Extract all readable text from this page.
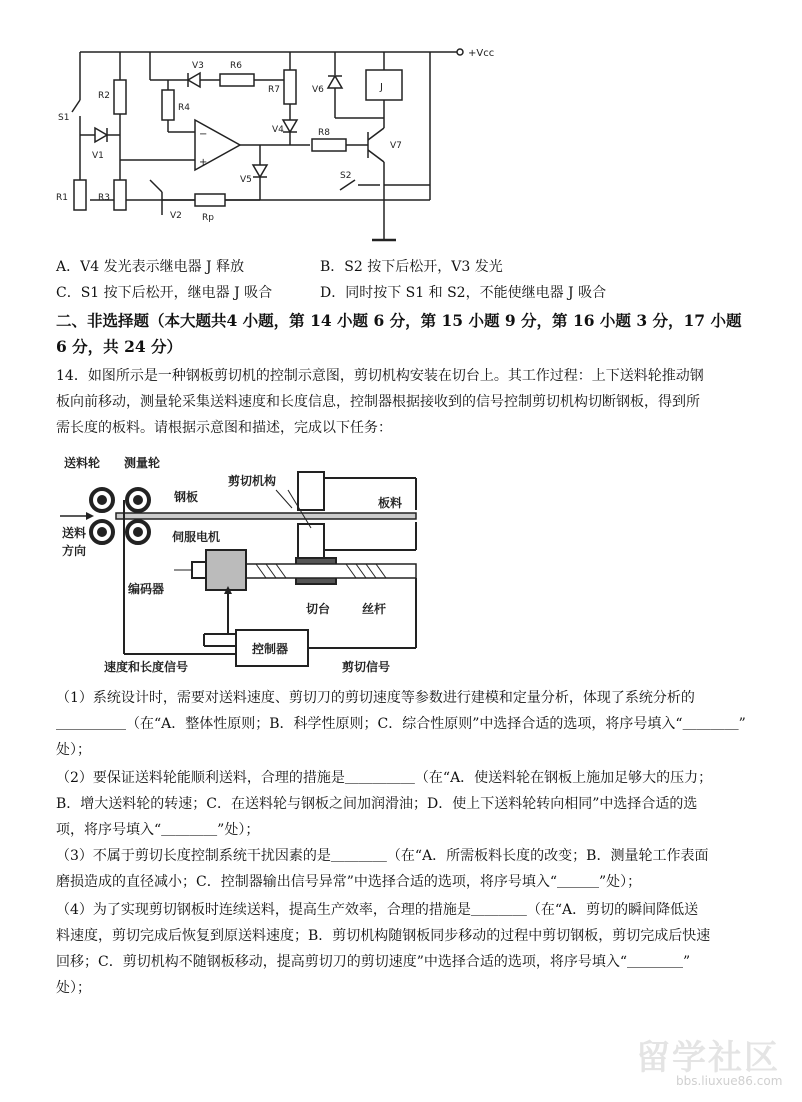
+Vcc
S1
R1
V1
R2
R3
V3	R6
R4
−
+
V5
V2 Rp
R7
V4	R8
V7
V6	J
S2
A．V4 发光表示继电器 J 释放	B．S2 按下后松开，V3 发光
C．S1 按下后松开，继电器 J 吸合	D．同时按下 S1 和 S2，不能使继电器 J 吸合
二、非选择题（本大题共4 小题，第 14 小题 6 分，第 15 小题 9 分，第 16 小题 3 分，17 小题
6 分，共 24 分）
14．如图所示是一种钢板剪切机的控制示意图，剪切机构安装在切台上。其工作过程：上下送料轮推动钢
板向前移动，测量轮采集送料速度和长度信息，控制器根据接收到的信号控制剪切机构切断钢板，得到所
需长度的板料。请根据示意图和描述，完成以下任务：
送料轮 测量轮
钢板
剪切机构
板料
送料
方向
伺服电机
编码器
切台	丝杆
控制器
速度和长度信号	剪切信号
（1）系统设计时，需要对送料速度、剪切刀的剪切速度等参数进行建模和定量分析，体现了系统分析的
＿＿＿＿＿（在“A．整体性原则；B．科学性原则；C．综合性原则”中选择合适的选项，将序号填入“＿＿＿＿”
处）；
（2）要保证送料轮能顺利送料，合理的措施是＿＿＿＿＿（在“A．使送料轮在钢板上施加足够大的压力；
B．增大送料轮的转速；C．在送料轮与钢板之间加润滑油；D．使上下送料轮转向相同”中选择合适的选
项，将序号填入“＿＿＿＿”处）；
（3）不属于剪切长度控制系统干扰因素的是＿＿＿＿（在“A．所需板料长度的改变；B．测量轮工作表面
磨损造成的直径减小；C．控制器输出信号异常”中选择合适的选项，将序号填入“＿＿＿”处）；
（4）为了实现剪切钢板时连续送料，提高生产效率，合理的措施是＿＿＿＿（在“A．剪切的瞬间降低送
料速度，剪切完成后恢复到原送料速度；B．剪切机构随钢板同步移动的过程中剪切钢板，剪切完成后快速
回移；C．剪切机构不随钢板移动，提高剪切刀的剪切速度”中选择合适的选项，将序号填入“＿＿＿＿”
处）；
留学社区
bbs.liuxue86.com
